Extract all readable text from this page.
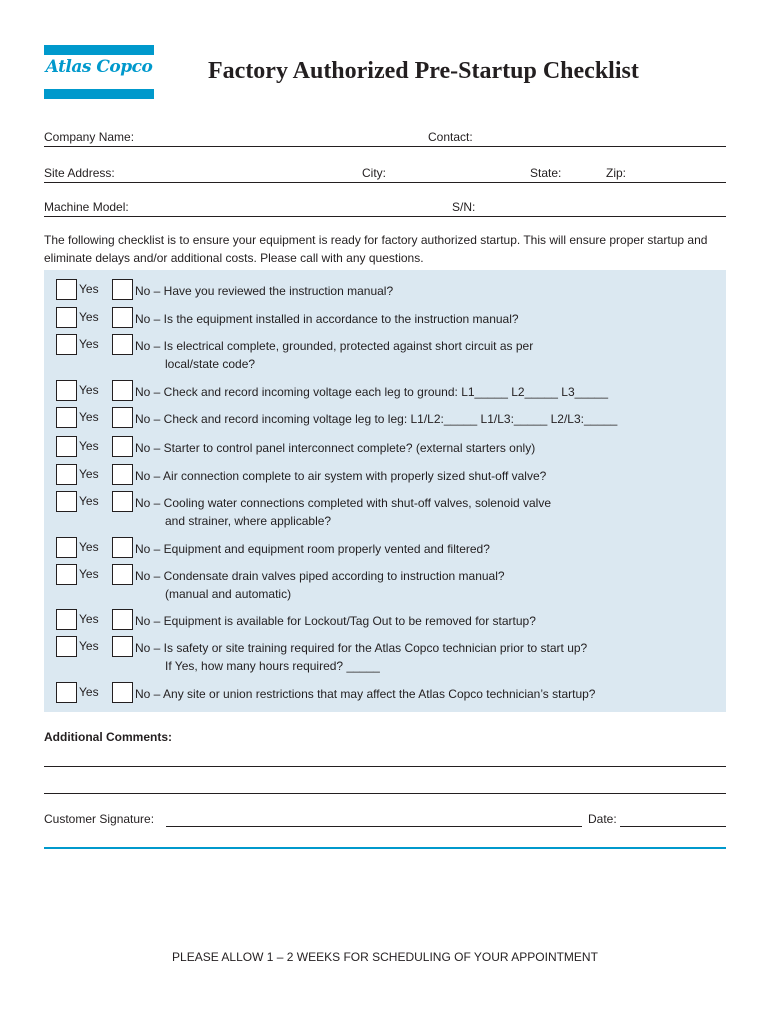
Atlas Copco Factory Authorized Pre-Startup Checklist
Company Name:	Contact:
Site Address:	City:	State:	Zip:
Machine Model:	S/N:
The following checklist is to ensure your equipment is ready for factory authorized startup. This will ensure proper startup and eliminate delays and/or additional costs. Please call with any questions.
Yes	No – Have you reviewed the instruction manual?
Yes	No – Is the equipment installed in accordance to the instruction manual?
Yes	No – Is electrical complete, grounded, protected against short circuit as per
local/state code?
Yes	No – Check and record incoming voltage each leg to ground: L1_____ L2_____ L3_____
Yes	No – Check and record incoming voltage leg to leg: L1/L2:_____ L1/L3:_____ L2/L3:_____
Yes	No – Starter to control panel interconnect complete? (external starters only)
Yes	No – Air connection complete to air system with properly sized shut-off valve?
Yes	No – Cooling water connections completed with shut-off valves, solenoid valve
and strainer, where applicable?
Yes	No – Equipment and equipment room properly vented and filtered?
Yes	No – Condensate drain valves piped according to instruction manual?
(manual and automatic)
Yes	No – Equipment is available for Lockout/Tag Out to be removed for startup?
Yes	No – Is safety or site training required for the Atlas Copco technician prior to start up?
If Yes, how many hours required? _____
Yes	No – Any site or union restrictions that may affect the Atlas Copco technician’s startup?
Additional Comments:
Customer Signature:	Date:
PLEASE ALLOW 1 – 2 WEEKS FOR SCHEDULING OF YOUR APPOINTMENT
